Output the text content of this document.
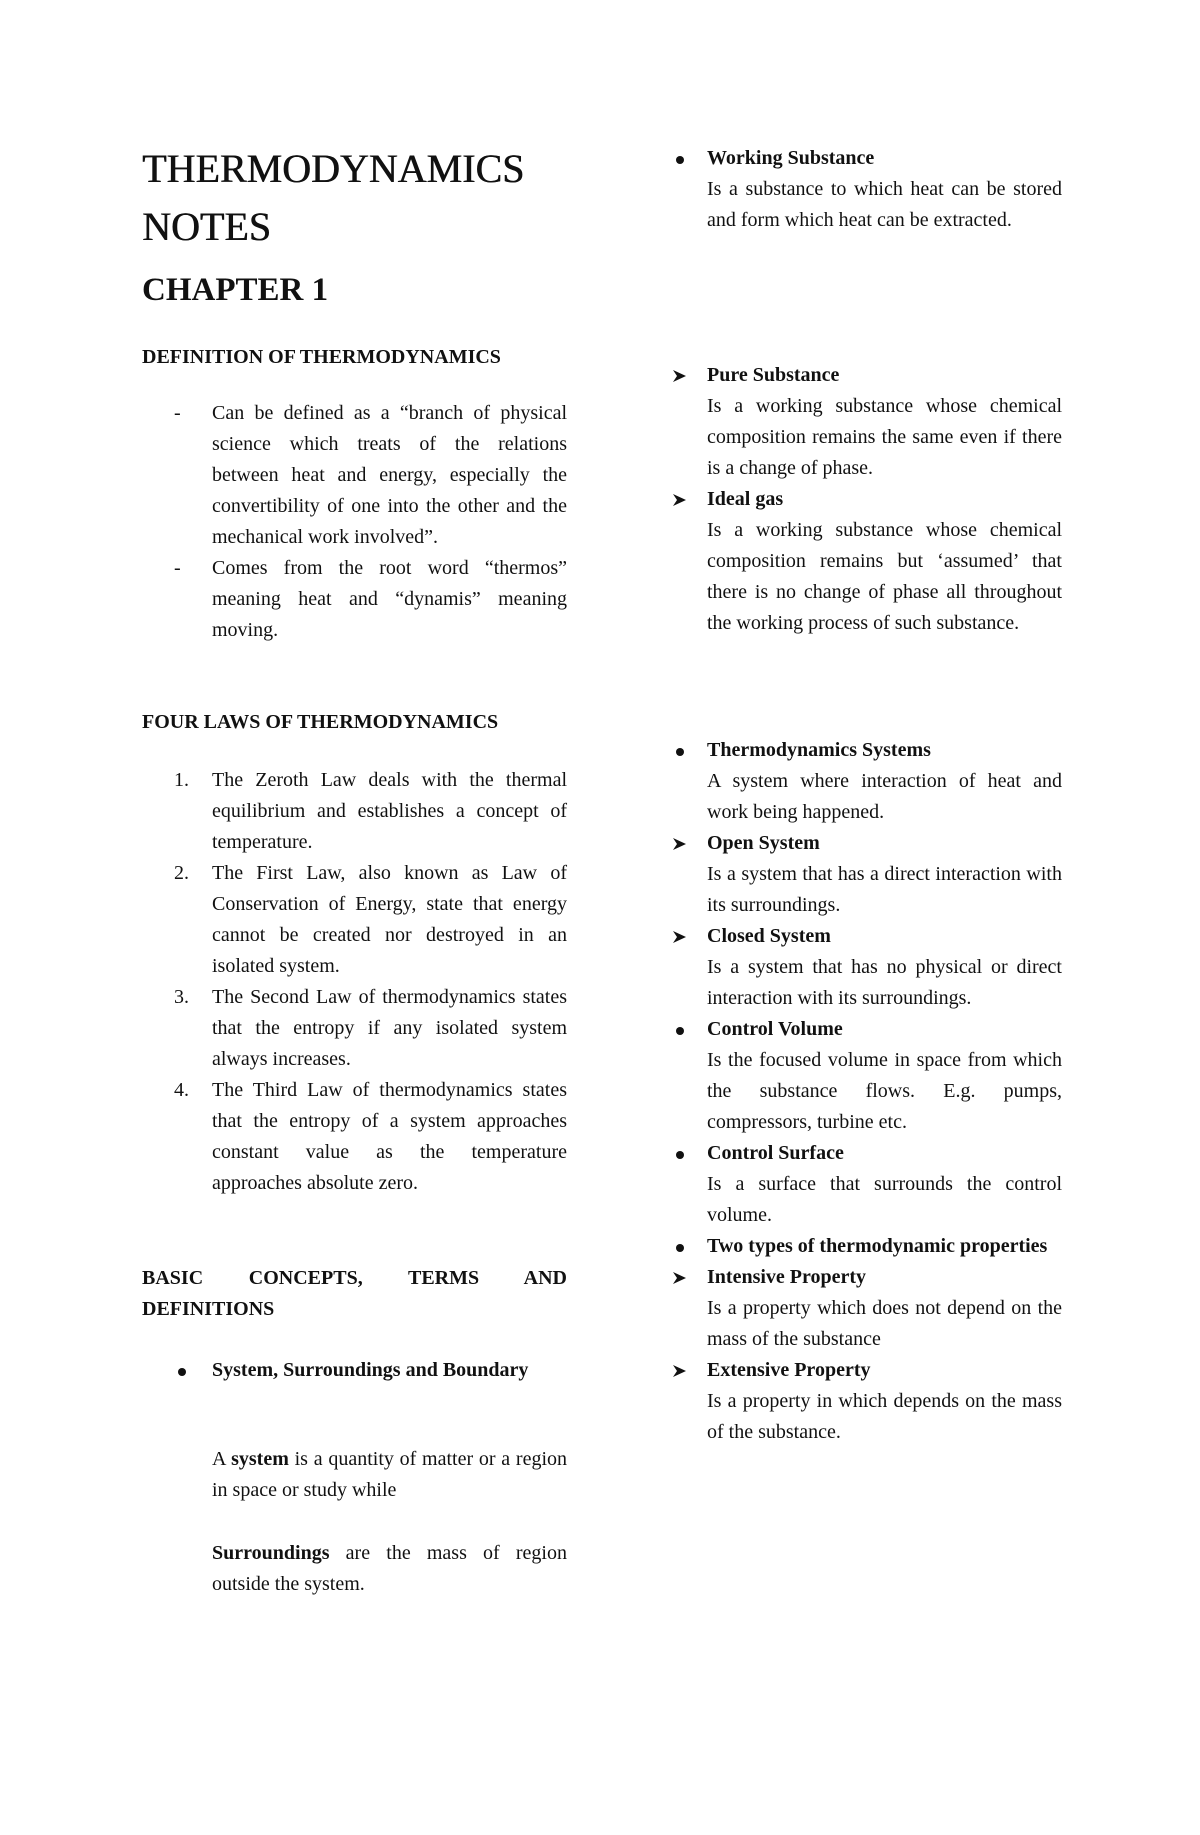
THERMODYNAMICS NOTES
CHAPTER 1

DEFINITION OF THERMODYNAMICS

- Can be defined as a “branch of physical science which treats of the relations between heat and energy, especially the convertibility of one into the other and the mechanical work involved”.
- Comes from the root word “thermos” meaning heat and “dynamis” meaning moving.

FOUR LAWS OF THERMODYNAMICS

1. The Zeroth Law deals with the thermal equilibrium and establishes a concept of temperature.
2. The First Law, also known as Law of Conservation of Energy, state that energy cannot be created nor destroyed in an isolated system.
3. The Second Law of thermodynamics states that the entropy if any isolated system always increases.
4. The Third Law of thermodynamics states that the entropy of a system approaches constant value as the temperature approaches absolute zero.

BASIC CONCEPTS, TERMS AND DEFINITIONS

System, Surroundings and Boundary

A system is a quantity of matter or a region in space or study while

Surroundings are the mass of region outside the system.

Working Substance
Is a substance to which heat can be stored and form which heat can be extracted.
Pure Substance
Is a working substance whose chemical composition remains the same even if there is a change of phase.
Ideal gas
Is a working substance whose chemical composition remains but ‘assumed’ that there is no change of phase all throughout the working process of such substance.
Thermodynamics Systems
A system where interaction of heat and work being happened.
Open System
Is a system that has a direct interaction with its surroundings.
Closed System
Is a system that has no physical or direct interaction with its surroundings.
Control Volume
Is the focused volume in space from which the substance flows. E.g. pumps, compressors, turbine etc.
Control Surface
Is a surface that surrounds the control volume.
Two types of thermodynamic properties
Intensive Property
Is a property which does not depend on the mass of the substance
Extensive Property
Is a property in which depends on the mass of the substance.
